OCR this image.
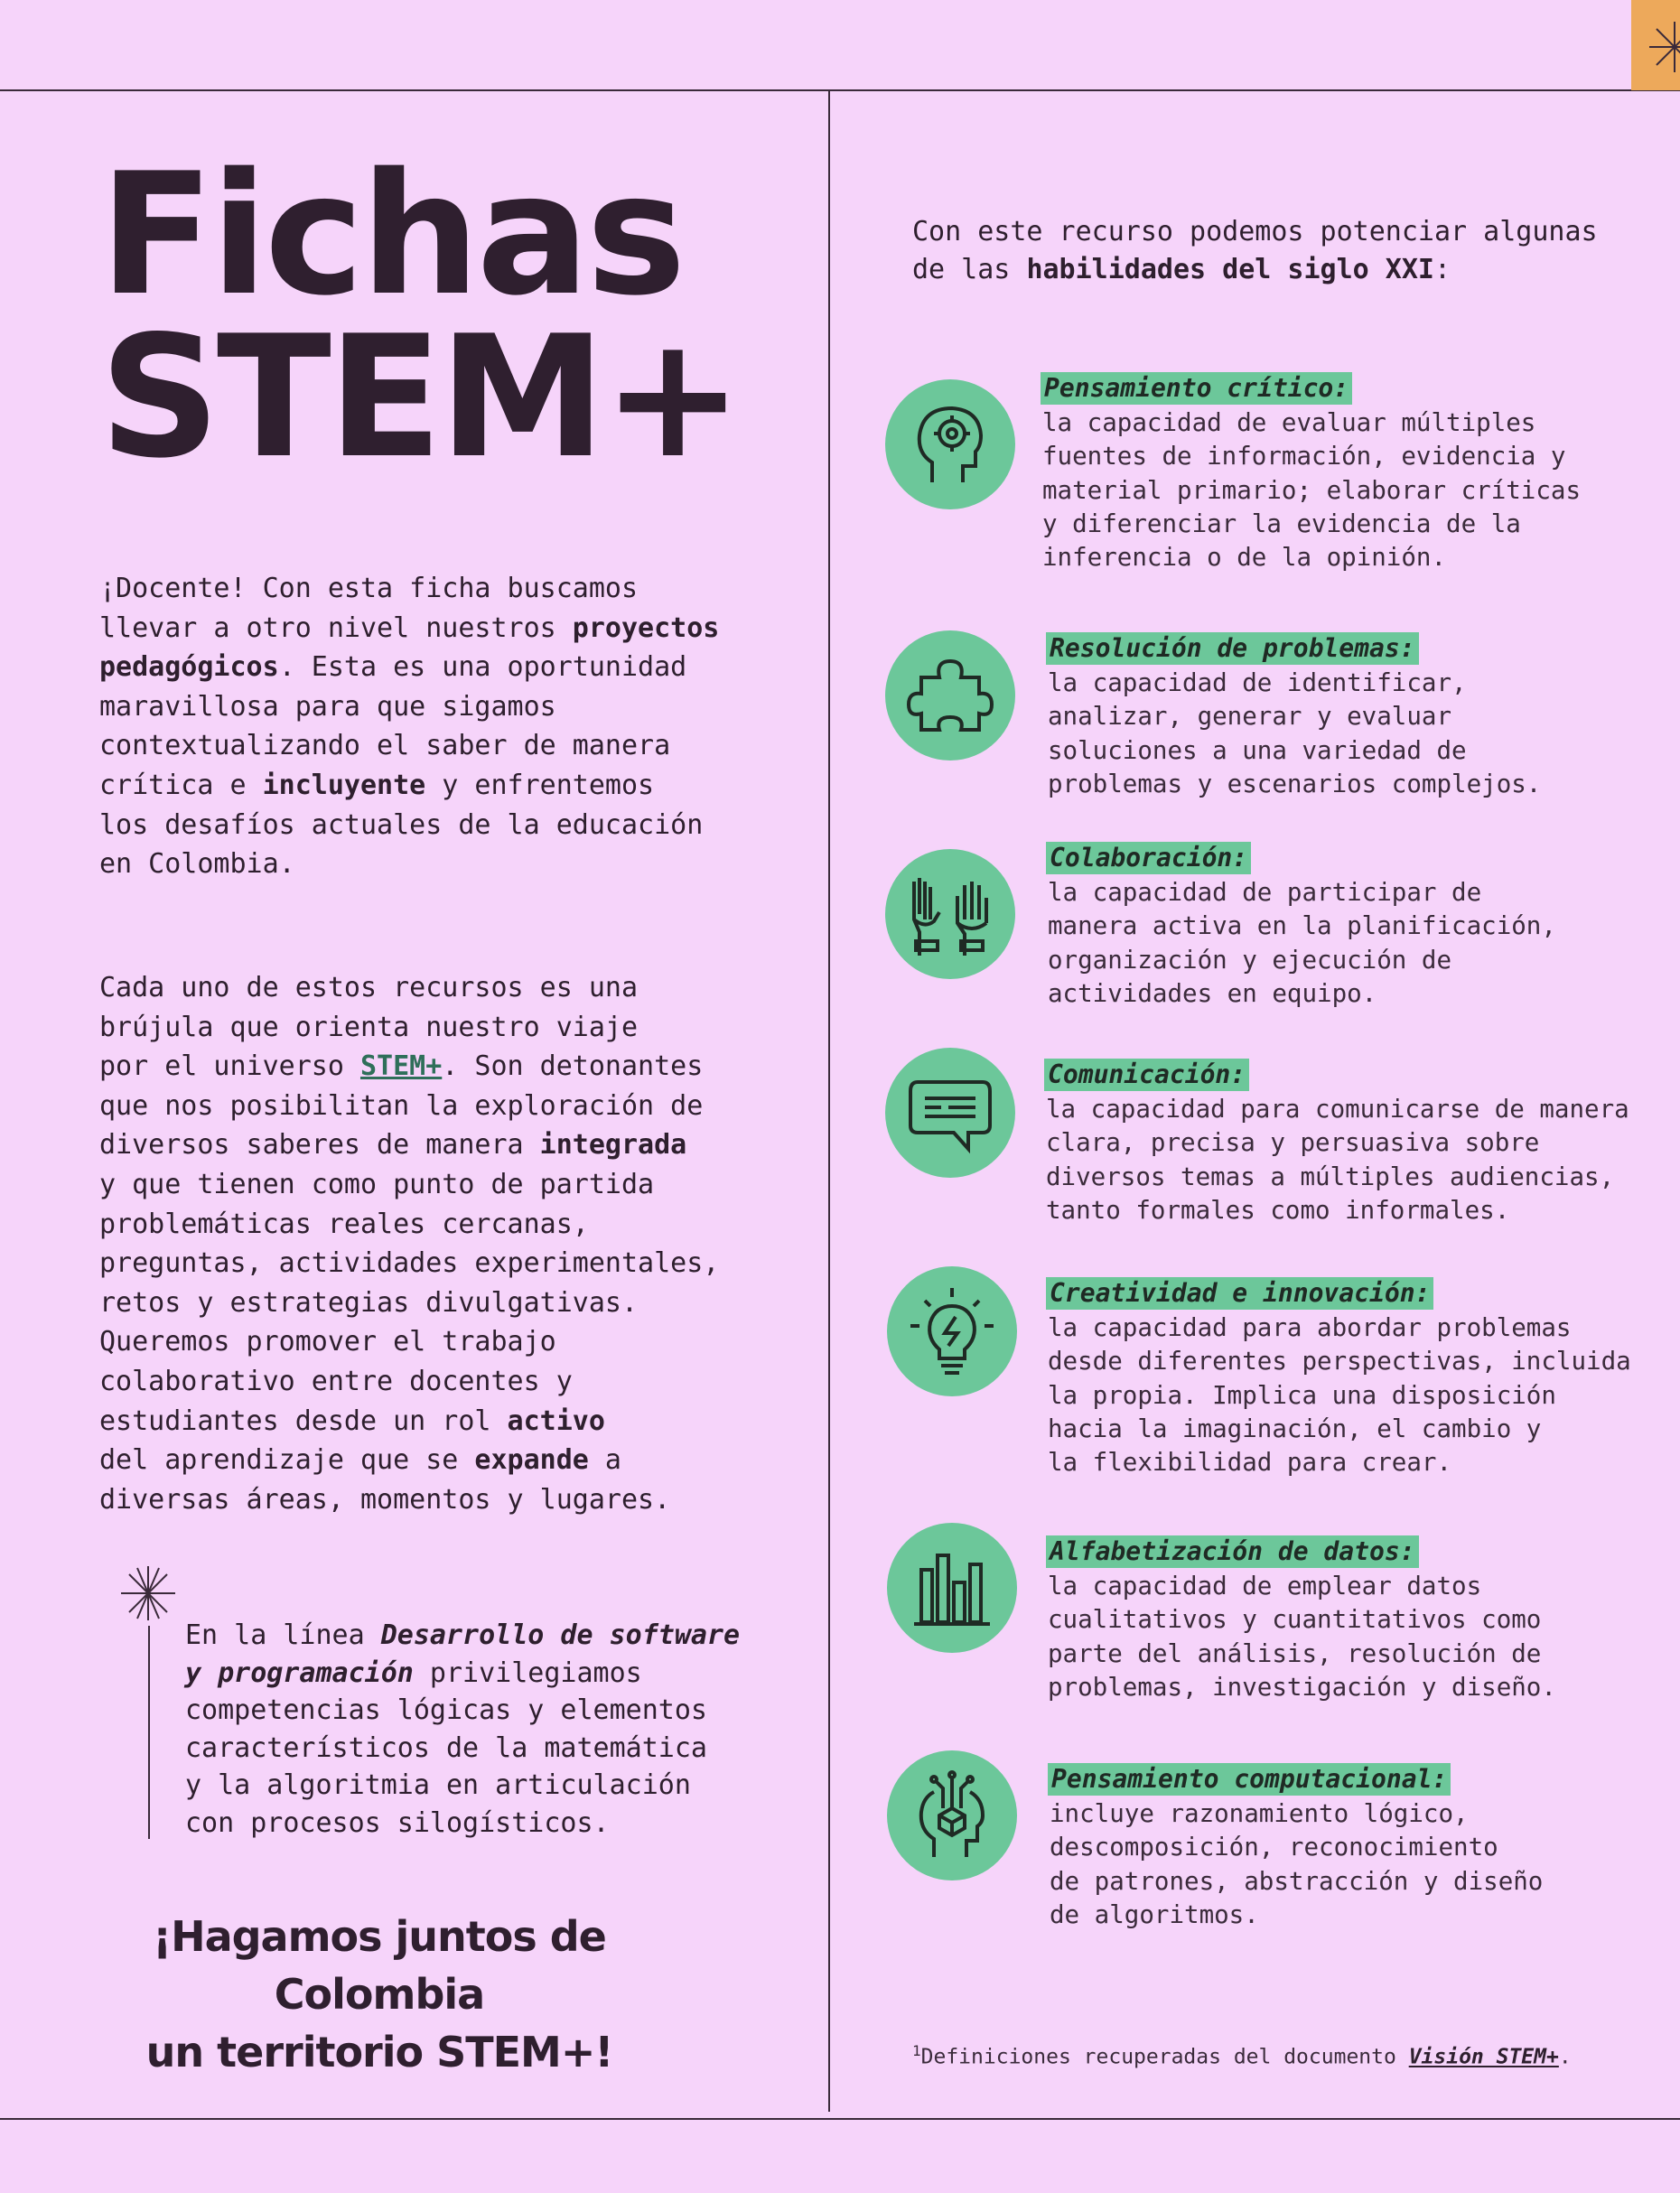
Fichas
STEM+

¡Docente! Con esta ficha buscamos
llevar a otro nivel nuestros proyectos
pedagógicos. Esta es una oportunidad
maravillosa para que sigamos
contextualizando el saber de manera
crítica e incluyente y enfrentemos
los desafíos actuales de la educación
en Colombia.

Cada uno de estos recursos es una
brújula que orienta nuestro viaje
por el universo STEM+. Son detonantes
que nos posibilitan la exploración de
diversos saberes de manera integrada
y que tienen como punto de partida
problemáticas reales cercanas,
preguntas, actividades experimentales,
retos y estrategias divulgativas.
Queremos promover el trabajo
colaborativo entre docentes y
estudiantes desde un rol activo
del aprendizaje que se expande a
diversas áreas, momentos y lugares.

En la línea Desarrollo de software
y programación privilegiamos
competencias lógicas y elementos
característicos de la matemática
y la algoritmia en articulación
con procesos silogísticos.

¡Hagamos juntos de Colombia
un territorio STEM+!

Con este recurso podemos potenciar algunas
de las habilidades del siglo XXI:

Pensamiento crítico:

la capacidad de evaluar múltiples
fuentes de información, evidencia y
material primario; elaborar críticas
y diferenciar la evidencia de la
inferencia o de la opinión.

Resolución de problemas:

la capacidad de identificar,
analizar, generar y evaluar
soluciones a una variedad de
problemas y escenarios complejos.

Colaboración:

la capacidad de participar de
manera activa en la planificación,
organización y ejecución de
actividades en equipo.

Comunicación:

la capacidad para comunicarse de manera
clara, precisa y persuasiva sobre
diversos temas a múltiples audiencias,
tanto formales como informales.

Creatividad e innovación:

la capacidad para abordar problemas
desde diferentes perspectivas, incluida
la propia. Implica una disposición
hacia la imaginación, el cambio y
la flexibilidad para crear.

Alfabetización de datos:

la capacidad de emplear datos
cualitativos y cuantitativos como
parte del análisis, resolución de
problemas, investigación y diseño.

Pensamiento computacional:

incluye razonamiento lógico,
descomposición, reconocimiento
de patrones, abstracción y diseño
de algoritmos.

$^1$Definiciones recuperadas del documento Visión STEM+.
